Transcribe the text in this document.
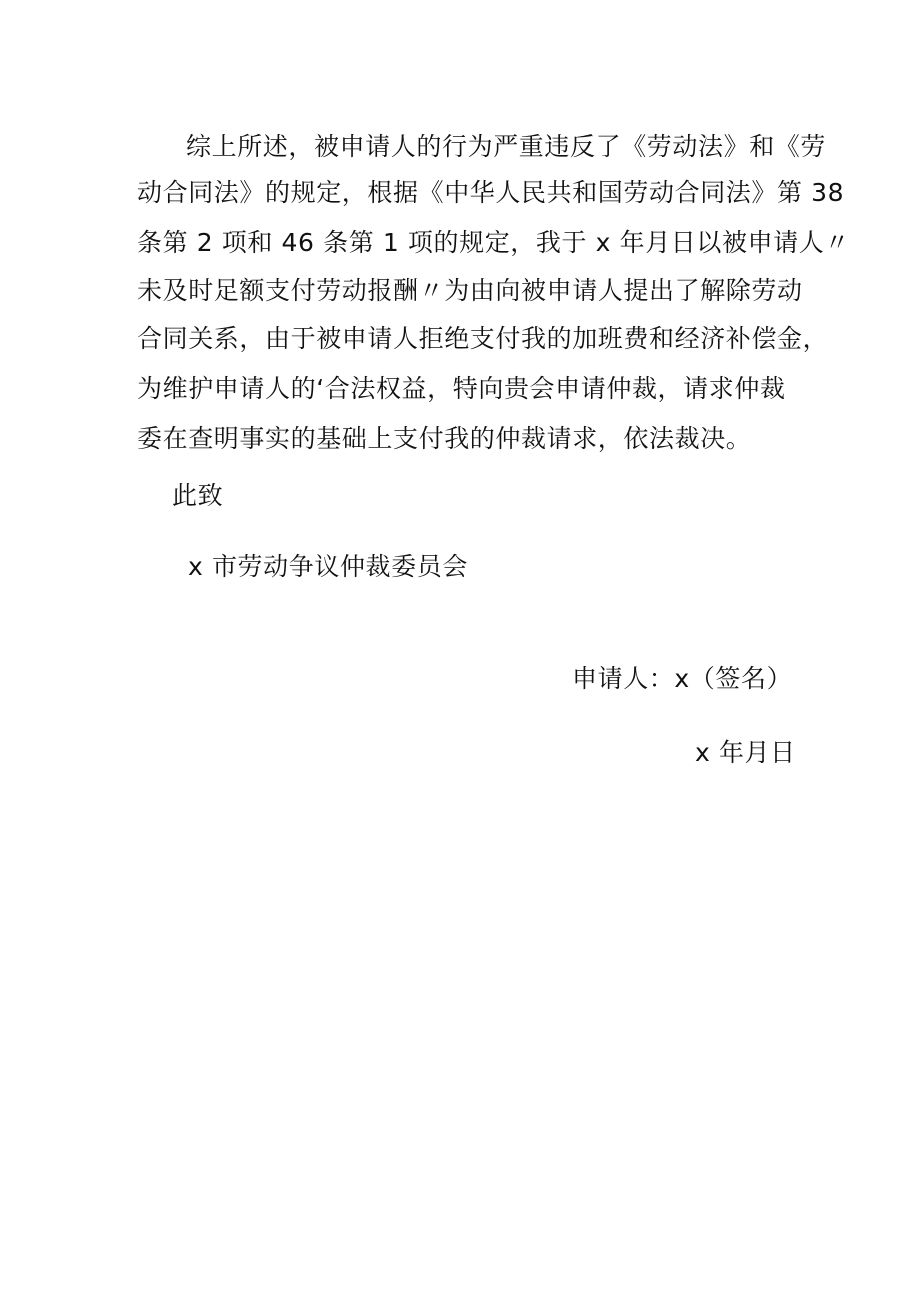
综上所述，被申请人的行为严重违反了《劳动法》和《劳
动合同法》的规定，根据《中华人民共和国劳动合同法》第 38
条第 2 项和 46 条第 1 项的规定，我于 x 年月日以被申请人〃
未及时足额支付劳动报酬〃为由向被申请人提出了解除劳动
合同关系，由于被申请人拒绝支付我的加班费和经济补偿金，
为维护申请人的‘合法权益，特向贵会申请仲裁，请求仲裁
委在查明事实的基础上支付我的仲裁请求，依法裁决。
此致
x 市劳动争议仲裁委员会
申请人：x（签名）
x 年月日
